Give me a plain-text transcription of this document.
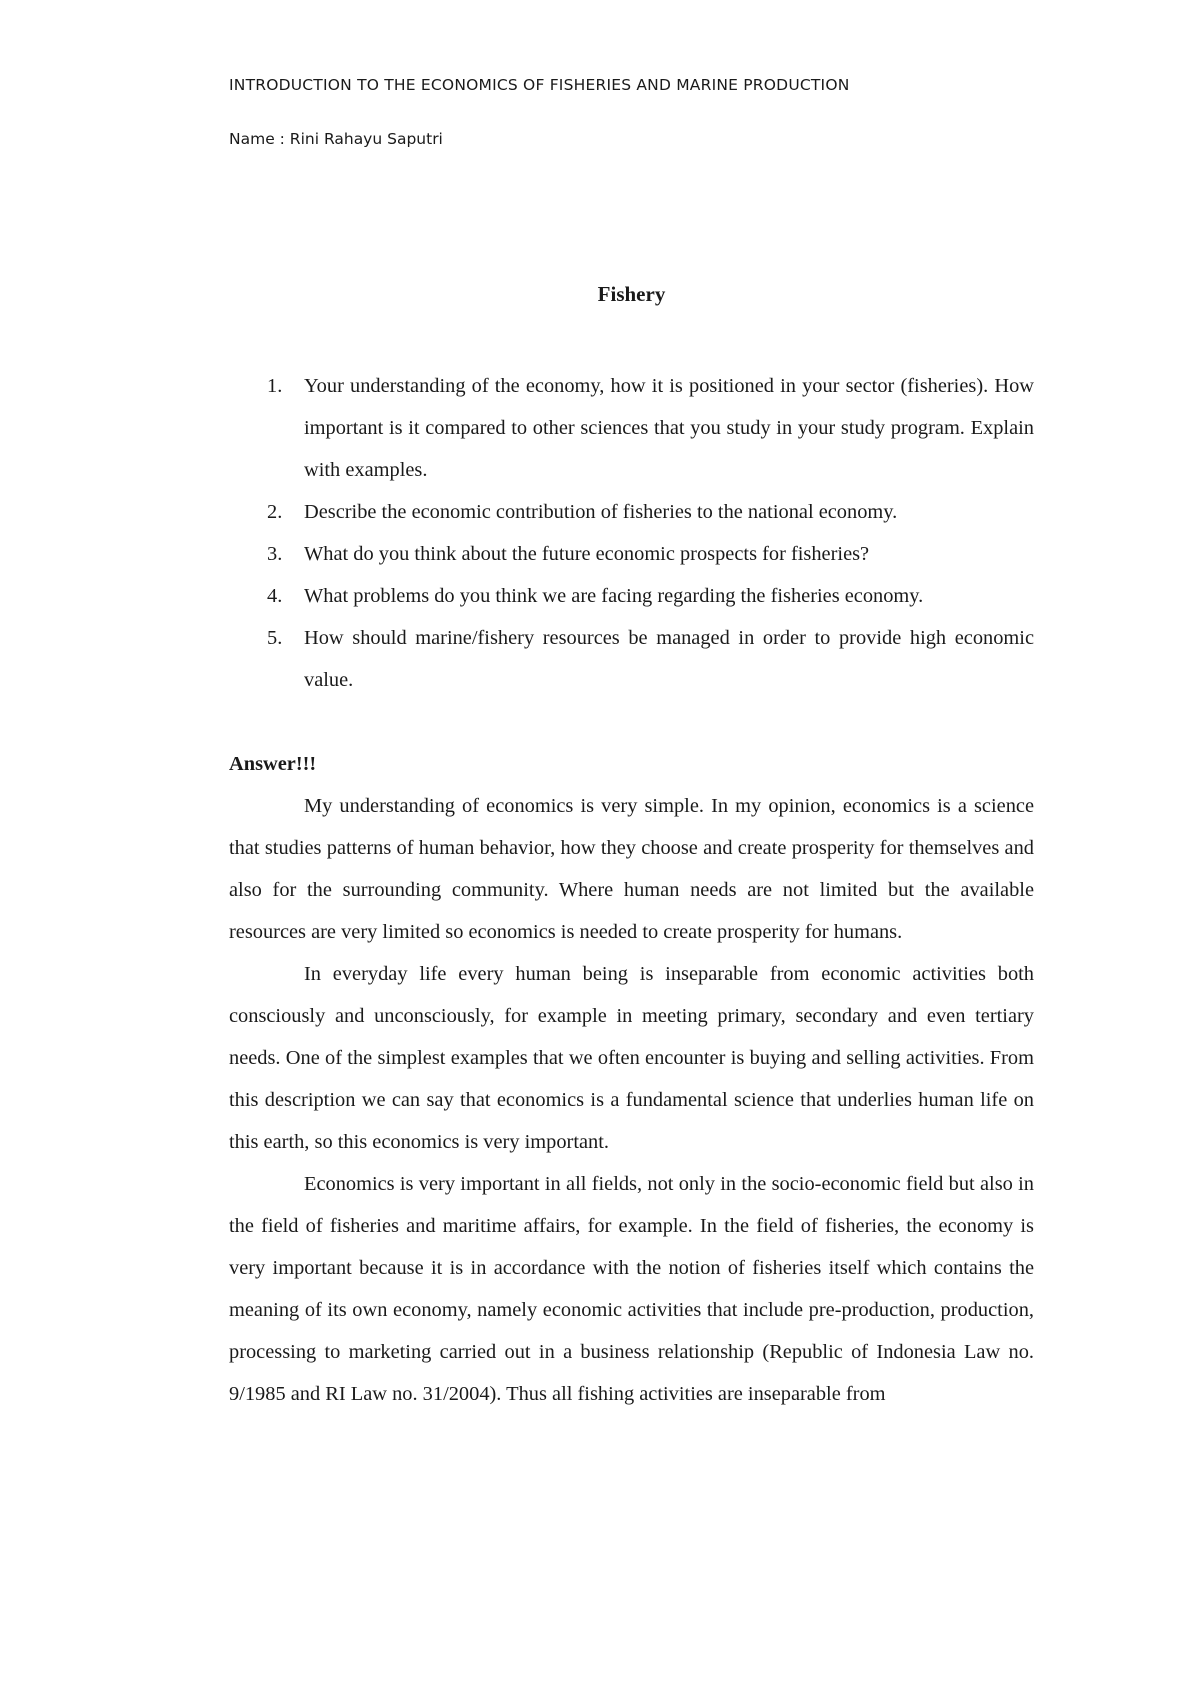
INTRODUCTION TO THE ECONOMICS OF FISHERIES AND MARINE PRODUCTION
Name : Rini Rahayu Saputri
Fishery
1. Your understanding of the economy, how it is positioned in your sector (fisheries). How important is it compared to other sciences that you study in your study program. Explain with examples.
2. Describe the economic contribution of fisheries to the national economy.
3. What do you think about the future economic prospects for fisheries?
4. What problems do you think we are facing regarding the fisheries economy.
5. How should marine/fishery resources be managed in order to provide high economic value.
Answer!!!

My understanding of economics is very simple. In my opinion, economics is a science that studies patterns of human behavior, how they choose and create prosperity for themselves and also for the surrounding community. Where human needs are not limited but the available resources are very limited so economics is needed to create prosperity for humans.

In everyday life every human being is inseparable from economic activities both consciously and unconsciously, for example in meeting primary, secondary and even tertiary needs. One of the simplest examples that we often encounter is buying and selling activities. From this description we can say that economics is a fundamental science that underlies human life on this earth, so this economics is very important.

Economics is very important in all fields, not only in the socio-economic field but also in the field of fisheries and maritime affairs, for example. In the field of fisheries, the economy is very important because it is in accordance with the notion of fisheries itself which contains the meaning of its own economy, namely economic activities that include pre-production, production, processing to marketing carried out in a business relationship (Republic of Indonesia Law no. 9/1985 and RI Law no. 31/2004). Thus all fishing activities are inseparable from
